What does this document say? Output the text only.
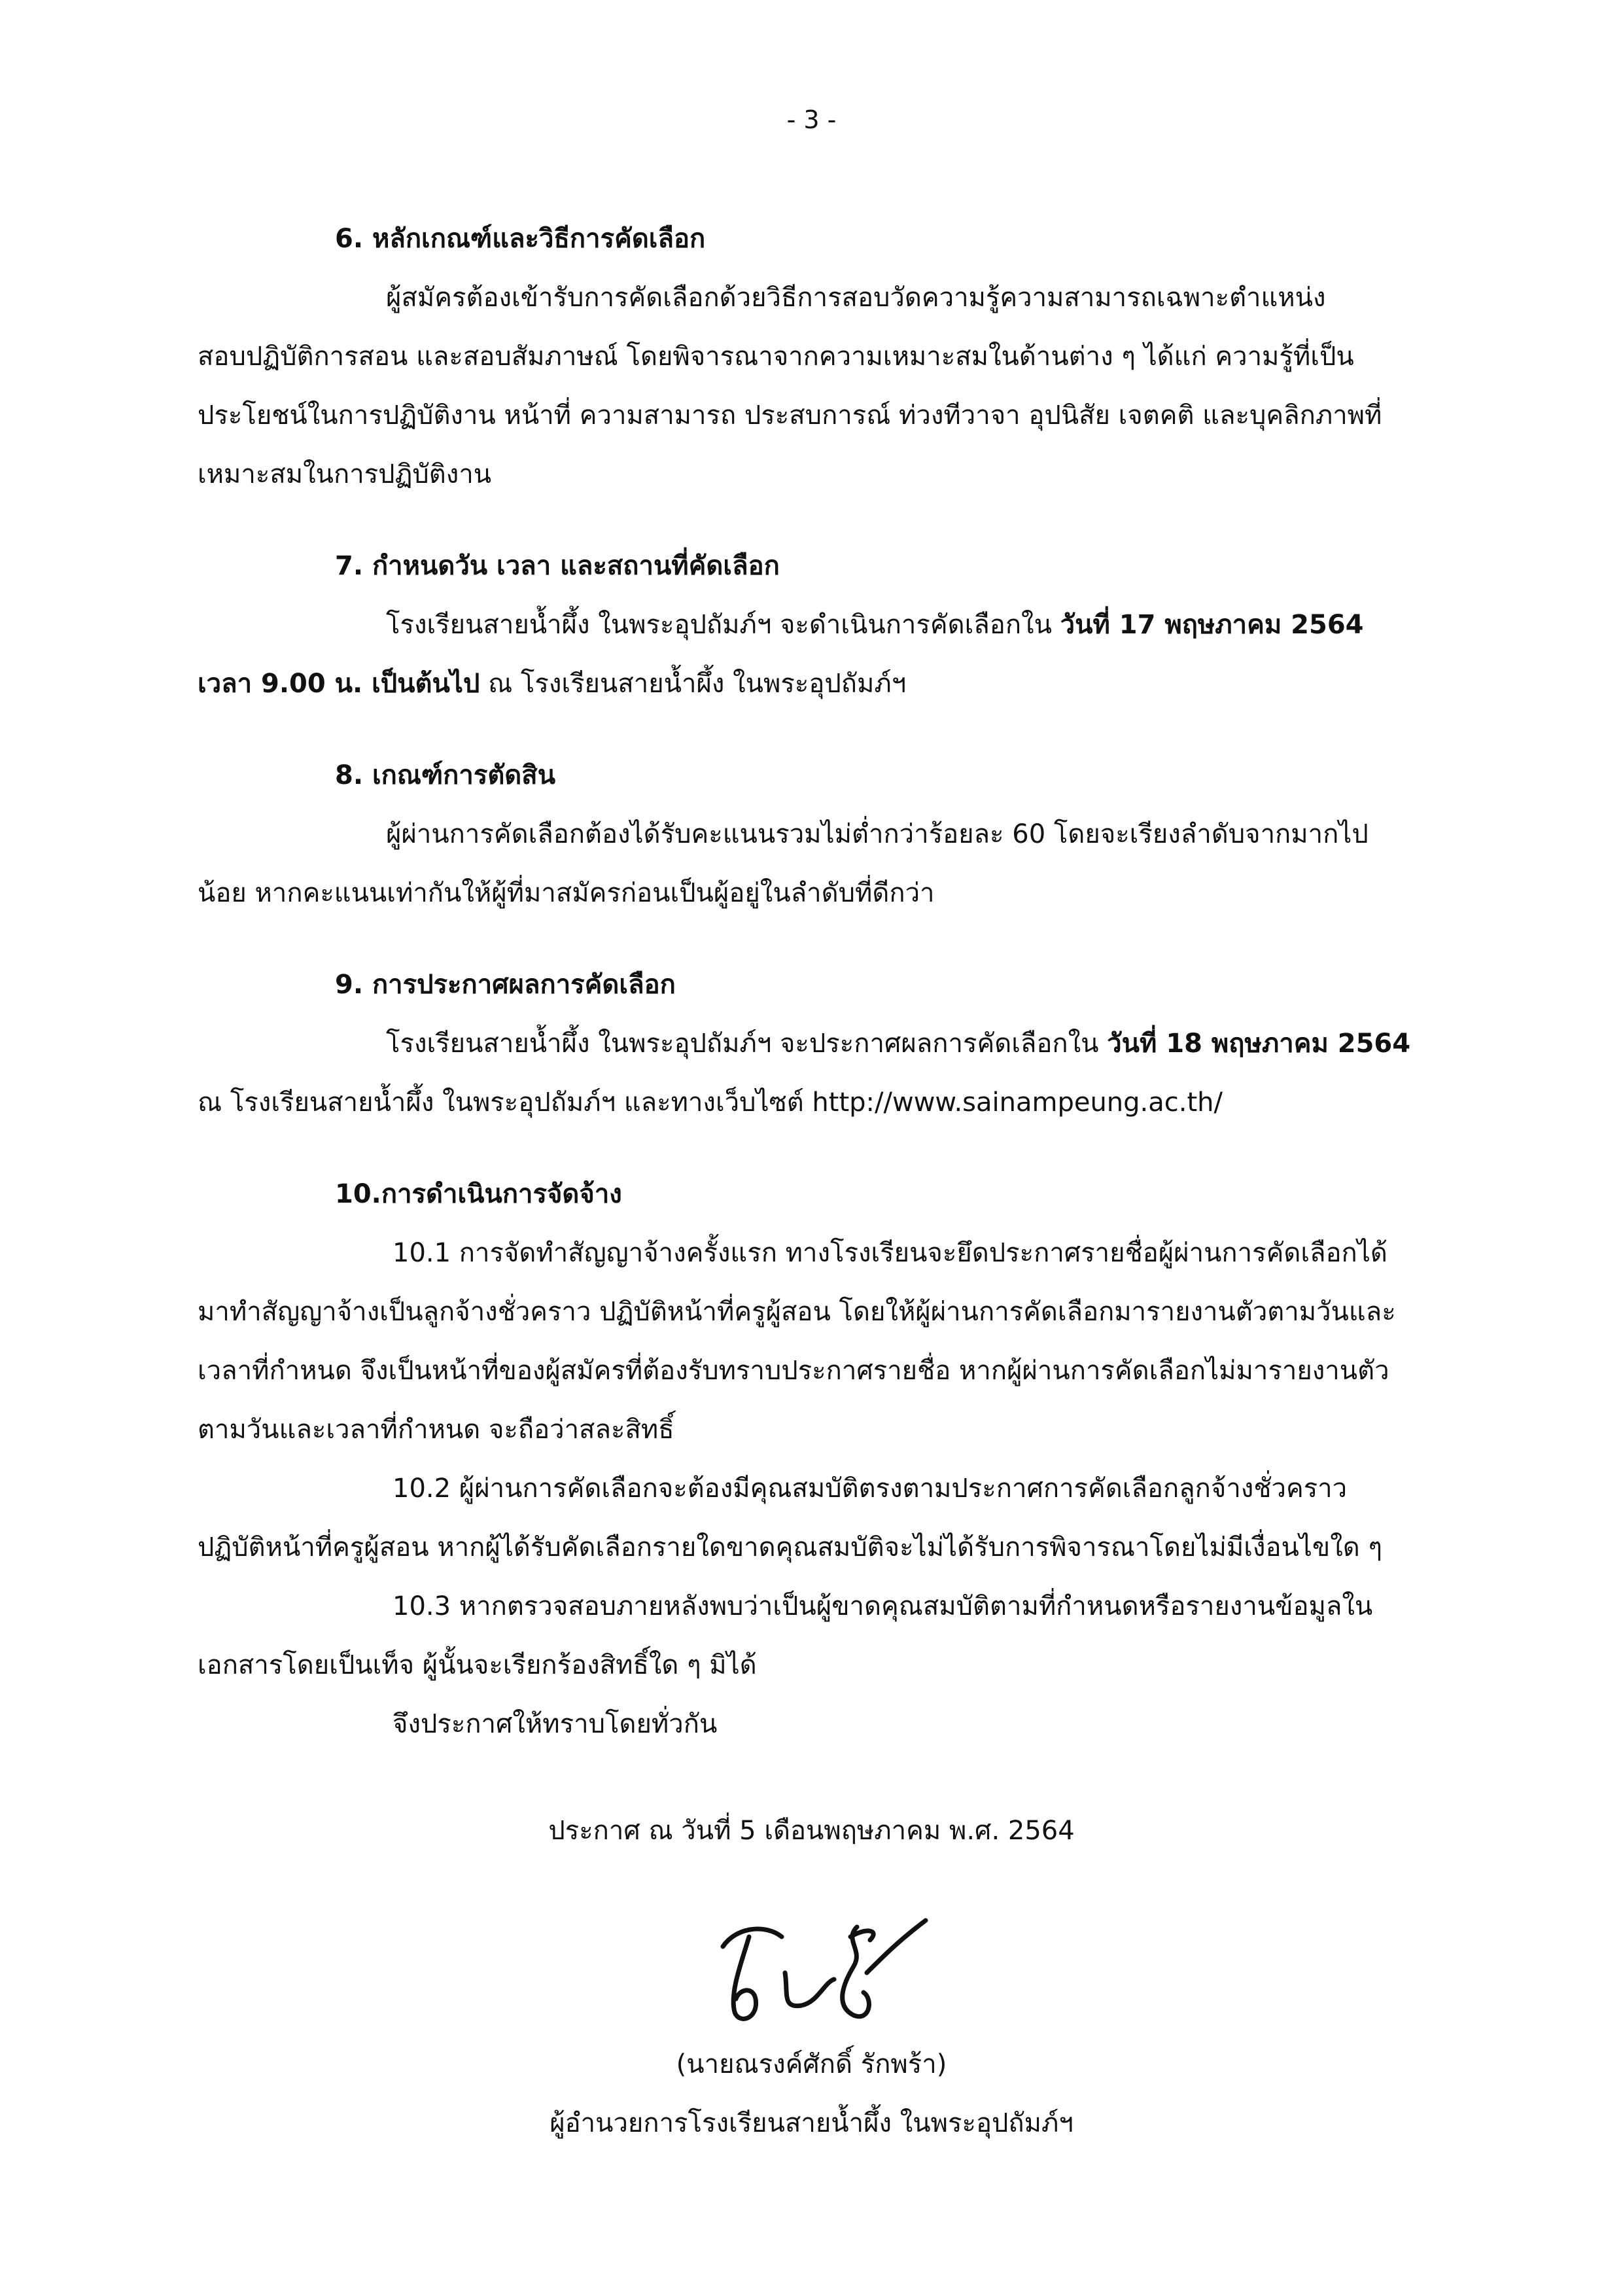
- 3 -
6. หลักเกณฑ์และวิธีการคัดเลือก
ผู้สมัครต้องเข้ารับการคัดเลือกด้วยวิธีการสอบวัดความรู้ความสามารถเฉพาะตำแหน่ง
สอบปฏิบัติการสอน และสอบสัมภาษณ์ โดยพิจารณาจากความเหมาะสมในด้านต่าง ๆ ได้แก่ ความรู้ที่เป็น
ประโยชน์ในการปฏิบัติงาน หน้าที่ ความสามารถ ประสบการณ์ ท่วงทีวาจา อุปนิสัย เจตคติ และบุคลิกภาพที่
เหมาะสมในการปฏิบัติงาน
7. กำหนดวัน เวลา และสถานที่คัดเลือก
โรงเรียนสายน้ำผึ้ง ในพระอุปถัมภ์ฯ จะดำเนินการคัดเลือกใน วันที่ 17 พฤษภาคม 2564
เวลา 9.00 น. เป็นต้นไป ณ โรงเรียนสายน้ำผึ้ง ในพระอุปถัมภ์ฯ
8. เกณฑ์การตัดสิน
ผู้ผ่านการคัดเลือกต้องได้รับคะแนนรวมไม่ต่ำกว่าร้อยละ 60 โดยจะเรียงลำดับจากมากไป
น้อย หากคะแนนเท่ากันให้ผู้ที่มาสมัครก่อนเป็นผู้อยู่ในลำดับที่ดีกว่า
9. การประกาศผลการคัดเลือก
โรงเรียนสายน้ำผึ้ง ในพระอุปถัมภ์ฯ จะประกาศผลการคัดเลือกใน วันที่ 18 พฤษภาคม 2564
ณ โรงเรียนสายน้ำผึ้ง ในพระอุปถัมภ์ฯ และทางเว็บไซต์ http://www.sainampeung.ac.th/
10.การดำเนินการจัดจ้าง
10.1 การจัดทำสัญญาจ้างครั้งแรก ทางโรงเรียนจะยึดประกาศรายชื่อผู้ผ่านการคัดเลือกได้
มาทำสัญญาจ้างเป็นลูกจ้างชั่วคราว ปฏิบัติหน้าที่ครูผู้สอน โดยให้ผู้ผ่านการคัดเลือกมารายงานตัวตามวันและ
เวลาที่กำหนด จึงเป็นหน้าที่ของผู้สมัครที่ต้องรับทราบประกาศรายชื่อ หากผู้ผ่านการคัดเลือกไม่มารายงานตัว
ตามวันและเวลาที่กำหนด จะถือว่าสละสิทธิ์
10.2 ผู้ผ่านการคัดเลือกจะต้องมีคุณสมบัติตรงตามประกาศการคัดเลือกลูกจ้างชั่วคราว
ปฏิบัติหน้าที่ครูผู้สอน หากผู้ได้รับคัดเลือกรายใดขาดคุณสมบัติจะไม่ได้รับการพิจารณาโดยไม่มีเงื่อนไขใด ๆ
10.3 หากตรวจสอบภายหลังพบว่าเป็นผู้ขาดคุณสมบัติตามที่กำหนดหรือรายงานข้อมูลใน
เอกสารโดยเป็นเท็จ ผู้นั้นจะเรียกร้องสิทธิ์ใด ๆ มิได้
จึงประกาศให้ทราบโดยทั่วกัน
ประกาศ ณ วันที่ 5 เดือนพฤษภาคม พ.ศ. 2564
(นายณรงค์ศักดิ์ รักพร้า)
ผู้อำนวยการโรงเรียนสายน้ำผึ้ง ในพระอุปถัมภ์ฯ
